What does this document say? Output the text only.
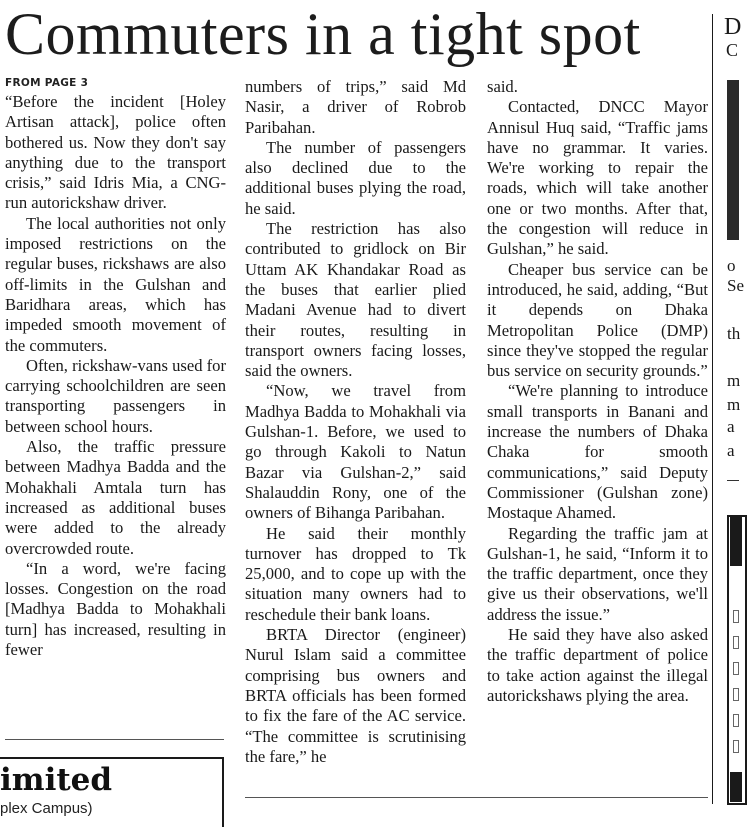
Commuters in a tight spot
FROM PAGE 3

“Before the incident [Holey Artisan attack], police often bothered us. Now they don't say anything due to the transport crisis,” said Idris Mia, a CNG-run autorickshaw driver.

The local authorities not only imposed restrictions on the regular buses, rickshaws are also off-limits in the Gulshan and Baridhara areas, which has impeded smooth movement of the commuters.

Often, rickshaw-vans used for carrying schoolchildren are seen transporting passengers in between school hours.

Also, the traffic pressure between Madhya Badda and the Mohakhali Amtala turn has increased as additional buses were added to the already overcrowded route.

“In a word, we're facing losses. Congestion on the road [Madhya Badda to Mohakhali turn] has increased, resulting in fewer

numbers of trips,” said Md Nasir, a driver of Robrob Paribahan.

The number of passengers also declined due to the additional buses plying the road, he said.

The restriction has also contributed to gridlock on Bir Uttam AK Khandakar Road as the buses that earlier plied Madani Avenue had to divert their routes, resulting in transport owners facing losses, said the owners.

“Now, we travel from Madhya Badda to Mohakhali via Gulshan-1. Before, we used to go through Kakoli to Natun Bazar via Gulshan-2,” said Shalauddin Rony, one of the owners of Bihanga Paribahan.

He said their monthly turnover has dropped to Tk 25,000, and to cope up with the situation many owners had to reschedule their bank loans.

BRTA Director (engineer) Nurul Islam said a committee comprising bus owners and BRTA officials has been formed to fix the fare of the AC service. “The committee is scrutinising the fare,” he

said.

Contacted, DNCC Mayor Annisul Huq said, “Traffic jams have no grammar. It varies. We're working to repair the roads, which will take another one or two months. After that, the congestion will reduce in Gulshan,” he said.

Cheaper bus service can be introduced, he said, adding, “But it depends on Dhaka Metropolitan Police (DMP) since they've stopped the regular bus service on security grounds.”

“We're planning to introduce small transports in Banani and increase the numbers of Dhaka Chaka for smooth communications,” said Deputy Commissioner (Gulshan zone) Mostaque Ahamed.

Regarding the traffic jam at Gulshan-1, he said, “Inform it to the traffic department, once they give us their observations, we'll address the issue.”

He said they have also asked the traffic department of police to take action against the illegal autorickshaws plying the area.

imited
plex Campus)
D
C
o
Se
th
m
m
a
a
